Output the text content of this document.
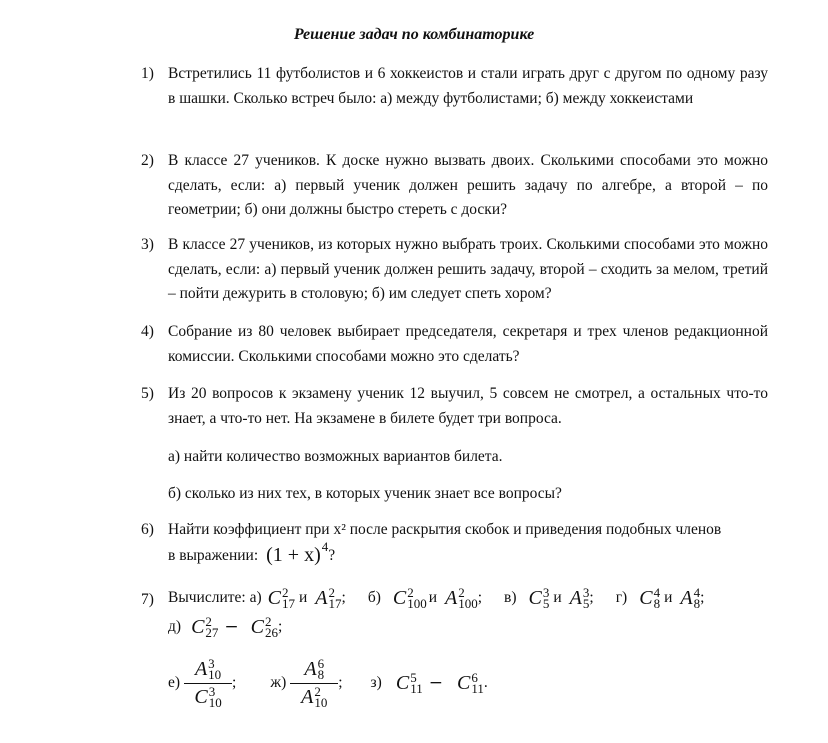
Решение задач по комбинаторике
1) Встретились 11 футболистов и 6 хоккеистов и стали играть друг с другом по одному разу в шашки. Сколько встреч было: а) между футболистами; б) между хоккеистами
2) В классе 27 учеников. К доске нужно вызвать двоих. Сколькими способами это можно сделать, если: а) первый ученик должен решить задачу по алгебре, а второй – по геометрии; б) они должны быстро стереть с доски?
3) В классе 27 учеников, из которых нужно выбрать троих. Сколькими способами это можно сделать, если: а) первый ученик должен решить задачу, второй – сходить за мелом, третий – пойти дежурить в столовую; б) им следует спеть хором?
4) Собрание из 80 человек выбирает председателя, секретаря и трех членов редакционной комиссии. Сколькими способами можно это сделать?
5) Из 20 вопросов к экзамену ученик 12 выучил, 5 совсем не смотрел, а остальных что-то знает, а что-то нет. На экзамене в билете будет три вопроса.
а) найти количество возможных вариантов билета.
б) сколько из них тех, в которых ученик знает все вопросы?
6) Найти коэффициент при x² после раскрытия скобок и приведения подобных членов
в выражении: (1 + x) 4
?
7) Вычислите: а) C 2
17 и A 2
17 ; б) C 2
100 и A 2
100 ; в) C 3
5 и A 3
5 ; г) C 4
8 и A 4
8 ;
д) C 2
27 − C 2
26 ;
е) A 3
10
C 3
10 ; ж) A 6
8
A 2
10 ; з) C 5
11 − C 6
11 .
